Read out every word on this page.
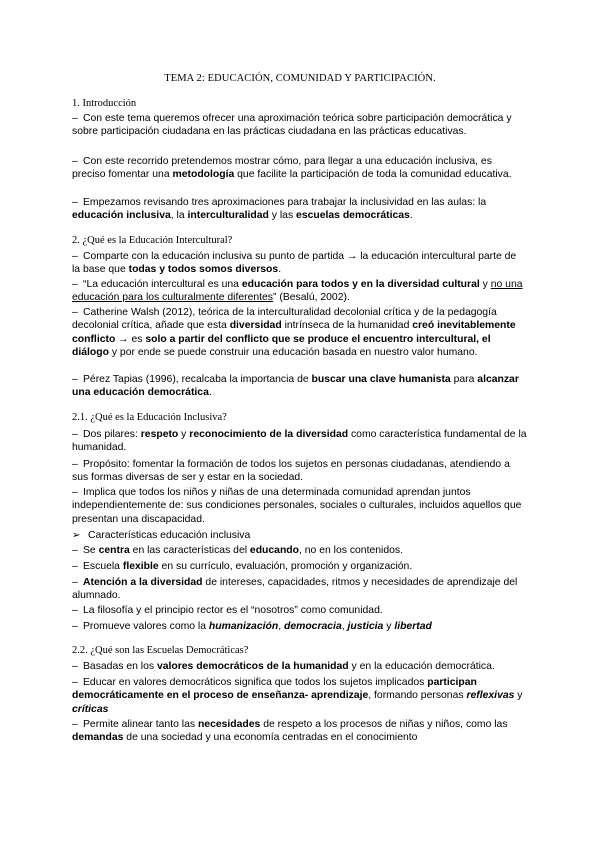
TEMA 2: EDUCACIÓN, COMUNIDAD Y PARTICIPACIÓN.

1. Introducción

– Con este tema queremos ofrecer una aproximación teórica sobre participación democrática y sobre participación ciudadana en las prácticas ciudadana en las prácticas educativas.

– Con este recorrido pretendemos mostrar cómo, para llegar a una educación inclusiva, es preciso fomentar una metodología que facilite la participación de toda la comunidad educativa.

– Empezamos revisando tres aproximaciones para trabajar la inclusividad en las aulas: la educación inclusiva, la interculturalidad y las escuelas democráticas.

2. ¿Qué es la Educación Intercultural?

– Comparte con la educación inclusiva su punto de partida → la educación intercultural parte de la base que todas y todos somos diversos.

– “La educación intercultural es una educación para todos y en la diversidad cultural y no una educación para los culturalmente diferentes” (Besalú, 2002).

– Catherine Walsh (2012), teórica de la interculturalidad decolonial crítica y de la pedagogía decolonial crítica, añade que esta diversidad intrínseca de la humanidad creó inevitablemente conflicto → es solo a partir del conflicto que se produce el encuentro intercultural, el diálogo y por ende se puede construir una educación basada en nuestro valor humano.

– Pérez Tapias (1996), recalcaba la importancia de buscar una clave humanista para alcanzar una educación democrática.

2.1. ¿Qué es la Educación Inclusiva?

– Dos pilares: respeto y reconocimiento de la diversidad como característica fundamental de la humanidad.

– Propósito: fomentar la formación de todos los sujetos en personas ciudadanas, atendiendo a sus formas diversas de ser y estar en la sociedad.

– Implica que todos los niños y niñas de una determinada comunidad aprendan juntos independientemente de: sus condiciones personales, sociales o culturales, incluidos aquellos que presentan una discapacidad.

➢ Características educación inclusiva

– Se centra en las características del educando, no en los contenidos.

– Escuela flexible en su currículo, evaluación, promoción y organización.

– Atención a la diversidad de intereses, capacidades, ritmos y necesidades de aprendizaje del alumnado.

– La filosofía y el principio rector es el “nosotros” como comunidad.

– Promueve valores como la humanización, democracia, justicia y libertad

2.2. ¿Qué son las Escuelas Democráticas?

– Basadas en los valores democráticos de la humanidad y en la educación democrática.

– Educar en valores democráticos significa que todos los sujetos implicados participan democráticamente en el proceso de enseñanza- aprendizaje, formando personas reflexivas y críticas

– Permite alinear tanto las necesidades de respeto a los procesos de niñas y niños, como las demandas de una sociedad y una economía centradas en el conocimiento
